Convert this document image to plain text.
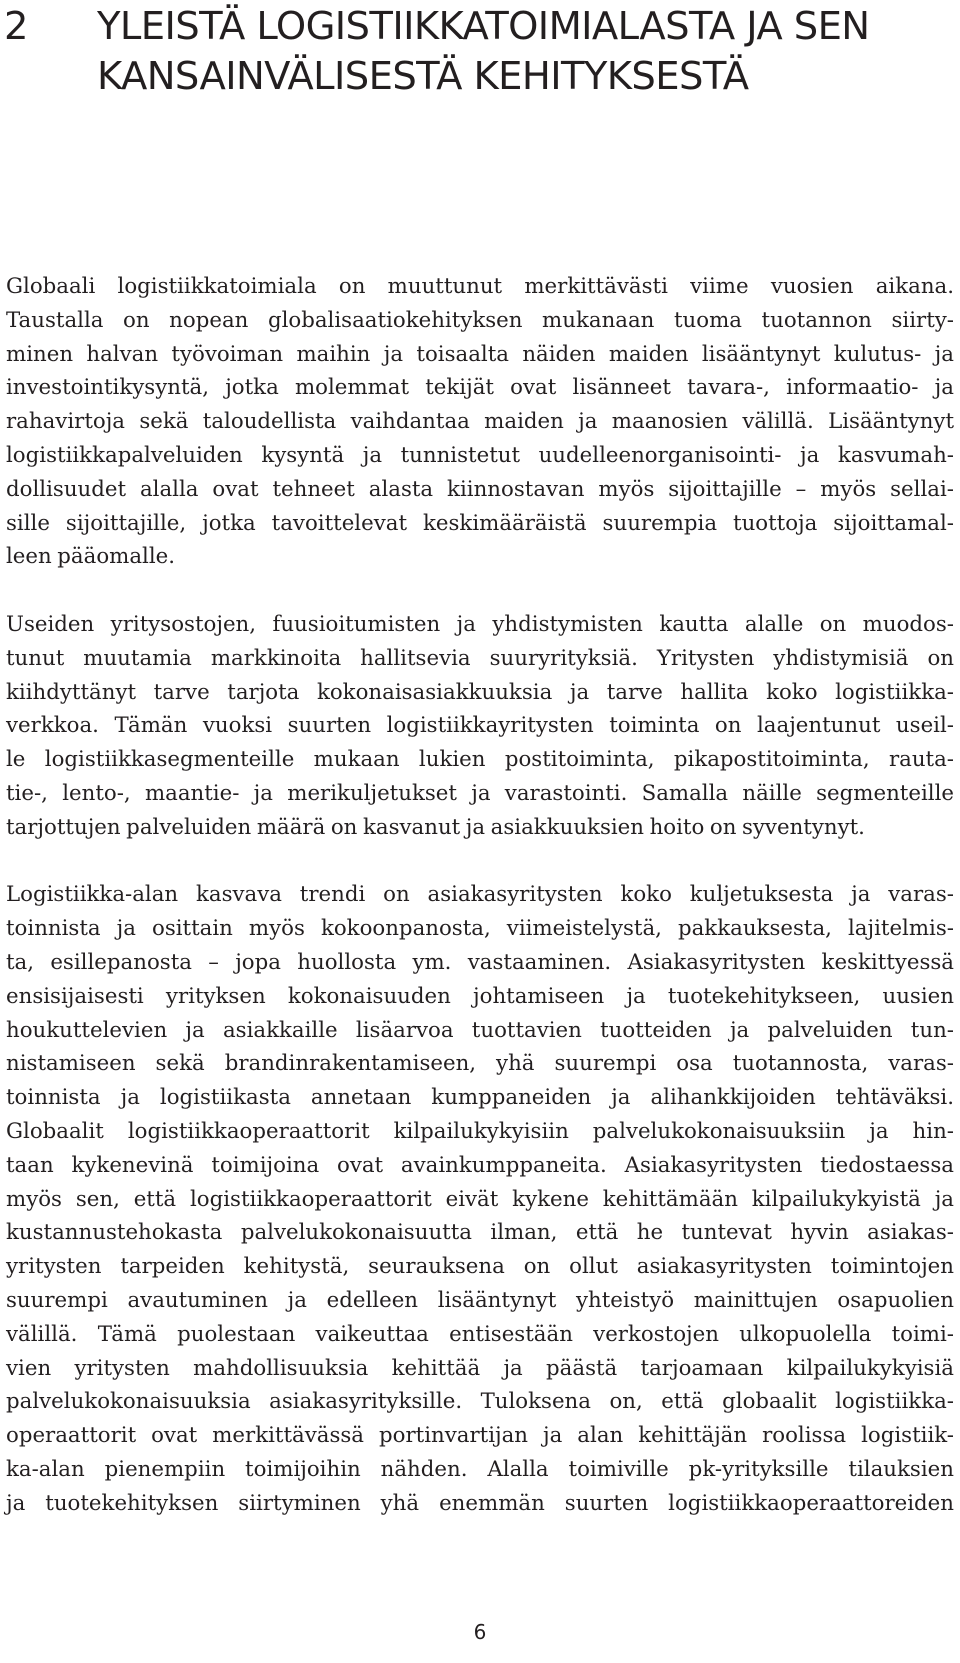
2 YLEISTÄ LOGISTIIKKATOIMIALASTA JA SEN
KANSAINVÄLISESTÄ KEHITYKSESTÄ

Globaali logistiikkatoimiala on muuttunut merkittävästi viime vuosien aikana.
Taustalla on nopean globalisaatiokehityksen mukanaan tuoma tuotannon siirty-
minen halvan työvoiman maihin ja toisaalta näiden maiden lisääntynyt kulutus- ja
investointikysyntä, jotka molemmat tekijät ovat lisänneet tavara-, informaatio- ja
rahavirtoja sekä taloudellista vaihdantaa maiden ja maanosien välillä. Lisääntynyt
logistiikkapalveluiden kysyntä ja tunnistetut uudelleenorganisointi- ja kasvumah-
dollisuudet alalla ovat tehneet alasta kiinnostavan myös sijoittajille – myös sellai-
sille sijoittajille, jotka tavoittelevat keskimääräistä suurempia tuottoja sijoittamal-
leen pääomalle.

Useiden yritysostojen, fuusioitumisten ja yhdistymisten kautta alalle on muodos-
tunut muutamia markkinoita hallitsevia suuryrityksiä. Yritysten yhdistymisiä on
kiihdyttänyt tarve tarjota kokonaisasiakkuuksia ja tarve hallita koko logistiikka-
verkkoa. Tämän vuoksi suurten logistiikkayritysten toiminta on laajentunut useil-
le logistiikkasegmenteille mukaan lukien postitoiminta, pikapostitoiminta, rauta-
tie-, lento-, maantie- ja merikuljetukset ja varastointi. Samalla näille segmenteille
tarjottujen palveluiden määrä on kasvanut ja asiakkuuksien hoito on syventynyt.

Logistiikka-alan kasvava trendi on asiakasyritysten koko kuljetuksesta ja varas-
toinnista ja osittain myös kokoonpanosta, viimeistelystä, pakkauksesta, lajitelmis-
ta, esillepanosta – jopa huollosta ym. vastaaminen. Asiakasyritysten keskittyessä
ensisijaisesti yrityksen kokonaisuuden johtamiseen ja tuotekehitykseen, uusien
houkuttelevien ja asiakkaille lisäarvoa tuottavien tuotteiden ja palveluiden tun-
nistamiseen sekä brandinrakentamiseen, yhä suurempi osa tuotannosta, varas-
toinnista ja logistiikasta annetaan kumppaneiden ja alihankkijoiden tehtäväksi.
Globaalit logistiikkaoperaattorit kilpailukykyisiin palvelukokonaisuuksiin ja hin-
taan kykenevinä toimijoina ovat avainkumppaneita. Asiakasyritysten tiedostaessa
myös sen, että logistiikkaoperaattorit eivät kykene kehittämään kilpailukykyistä ja
kustannustehokasta palvelukokonaisuutta ilman, että he tuntevat hyvin asiakas-
yritysten tarpeiden kehitystä, seurauksena on ollut asiakasyritysten toimintojen
suurempi avautuminen ja edelleen lisääntynyt yhteistyö mainittujen osapuolien
välillä. Tämä puolestaan vaikeuttaa entisestään verkostojen ulkopuolella toimi-
vien yritysten mahdollisuuksia kehittää ja päästä tarjoamaan kilpailukykyisiä
palvelukokonaisuuksia asiakasyrityksille. Tuloksena on, että globaalit logistiikka-
operaattorit ovat merkittävässä portinvartijan ja alan kehittäjän roolissa logistiik-
ka-alan pienempiin toimijoihin nähden. Alalla toimiville pk-yrityksille tilauksien
ja tuotekehityksen siirtyminen yhä enemmän suurten logistiikkaoperaattoreiden

6
